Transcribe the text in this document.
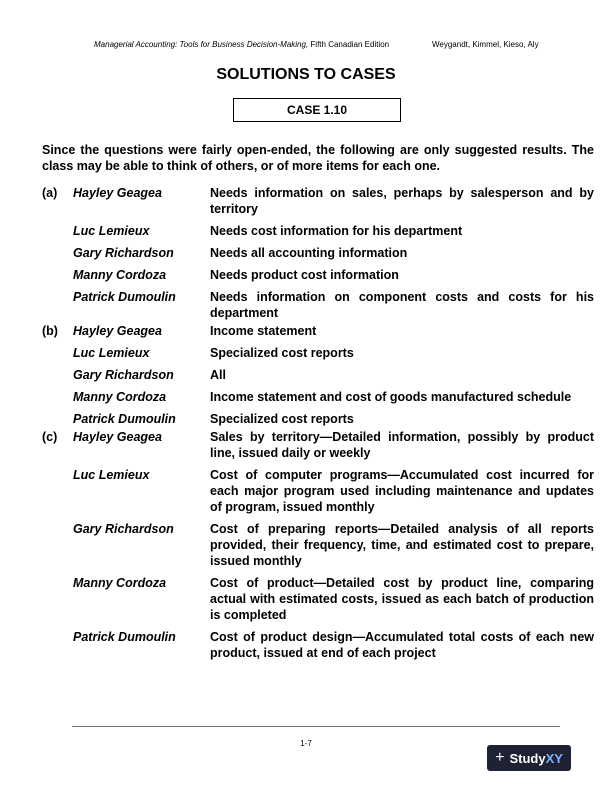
Managerial Accounting: Tools for Business Decision-Making, Fifth Canadian Edition	Weygandt, Kimmel, Kieso, Aly
SOLUTIONS TO CASES
CASE 1.10
Since the questions were fairly open-ended, the following are only suggested results. The class may be able to think of others, or of more items for each one.
(a)	Hayley Geagea	Needs information on sales, perhaps by salesperson and by territory
Luc Lemieux	Needs cost information for his department
Gary Richardson	Needs all accounting information
Manny Cordoza	Needs product cost information
Patrick Dumoulin	Needs information on component costs and costs for his department
(b)	Hayley Geagea	Income statement
Luc Lemieux	Specialized cost reports
Gary Richardson	All
Manny Cordoza	Income statement and cost of goods manufactured schedule
Patrick Dumoulin	Specialized cost reports
(c)	Hayley Geagea	Sales by territory—Detailed information, possibly by product line, issued daily or weekly
Luc Lemieux	Cost of computer programs—Accumulated cost incurred for each major program used including maintenance and updates of program, issued monthly
Gary Richardson	Cost of preparing reports—Detailed analysis of all reports provided, their frequency, time, and estimated cost to prepare, issued monthly
Manny Cordoza	Cost of product—Detailed cost by product line, comparing actual with estimated costs, issued as each batch of production is completed
Patrick Dumoulin	Cost of product design—Accumulated total costs of each new product, issued at end of each project
1-7
+ Study XY
